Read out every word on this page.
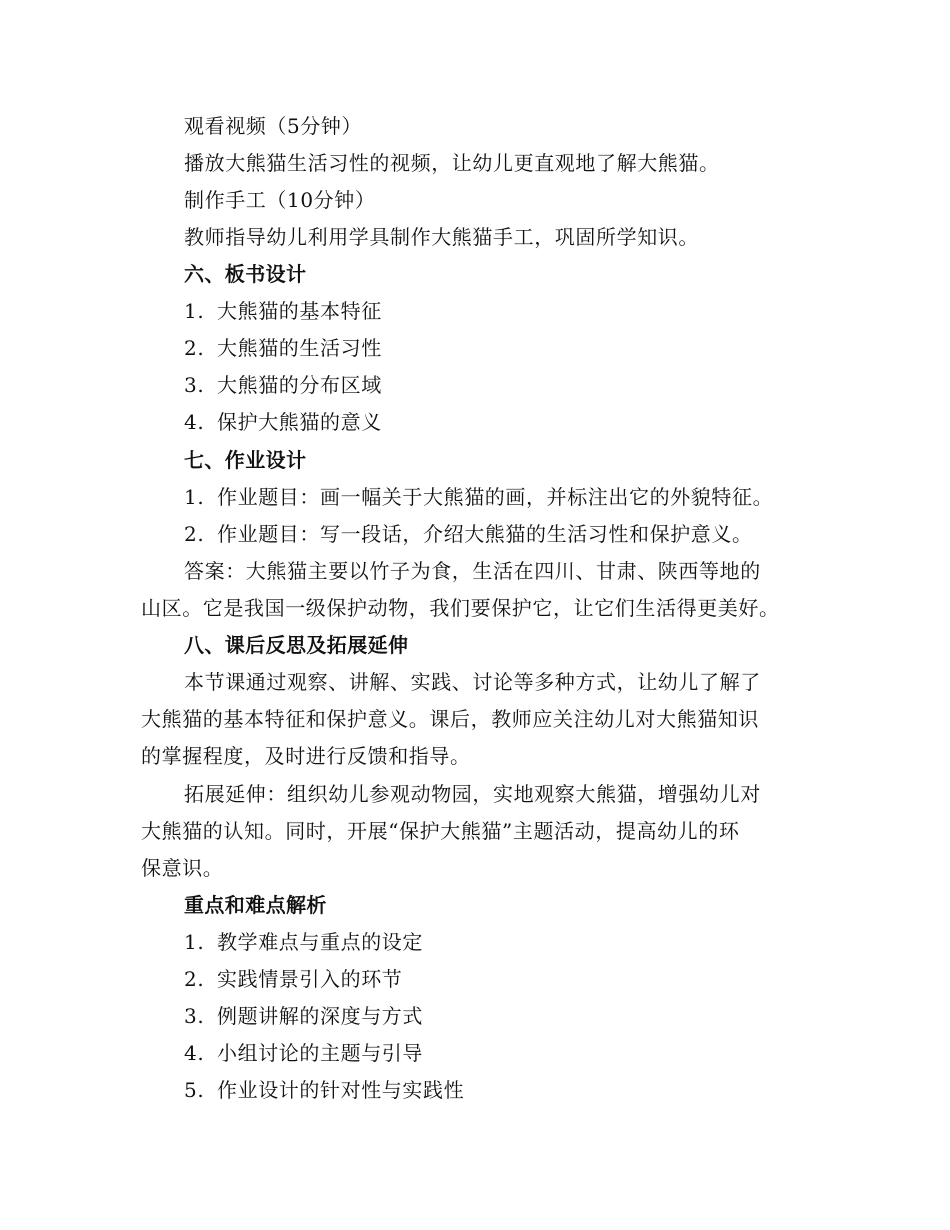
观看视频（5分钟）
播放大熊猫生活习性的视频，让幼儿更直观地了解大熊猫。
制作手工（10分钟）
教师指导幼儿利用学具制作大熊猫手工，巩固所学知识。
六、板书设计
1. 大熊猫的基本特征
2. 大熊猫的生活习性
3. 大熊猫的分布区域
4. 保护大熊猫的意义
七、作业设计
1. 作业题目：画一幅关于大熊猫的画，并标注出它的外貌特征。
2. 作业题目：写一段话，介绍大熊猫的生活习性和保护意义。
答案：大熊猫主要以竹子为食，生活在四川、甘肃、陕西等地的
山区。它是我国一级保护动物，我们要保护它，让它们生活得更美好。
八、课后反思及拓展延伸
本节课通过观察、讲解、实践、讨论等多种方式，让幼儿了解了
大熊猫的基本特征和保护意义。课后，教师应关注幼儿对大熊猫知识
的掌握程度，及时进行反馈和指导。
拓展延伸：组织幼儿参观动物园，实地观察大熊猫，增强幼儿对
大熊猫的认知。同时，开展“保护大熊猫”主题活动，提高幼儿的环
保意识。
重点和难点解析
1. 教学难点与重点的设定
2. 实践情景引入的环节
3. 例题讲解的深度与方式
4. 小组讨论的主题与引导
5. 作业设计的针对性与实践性
